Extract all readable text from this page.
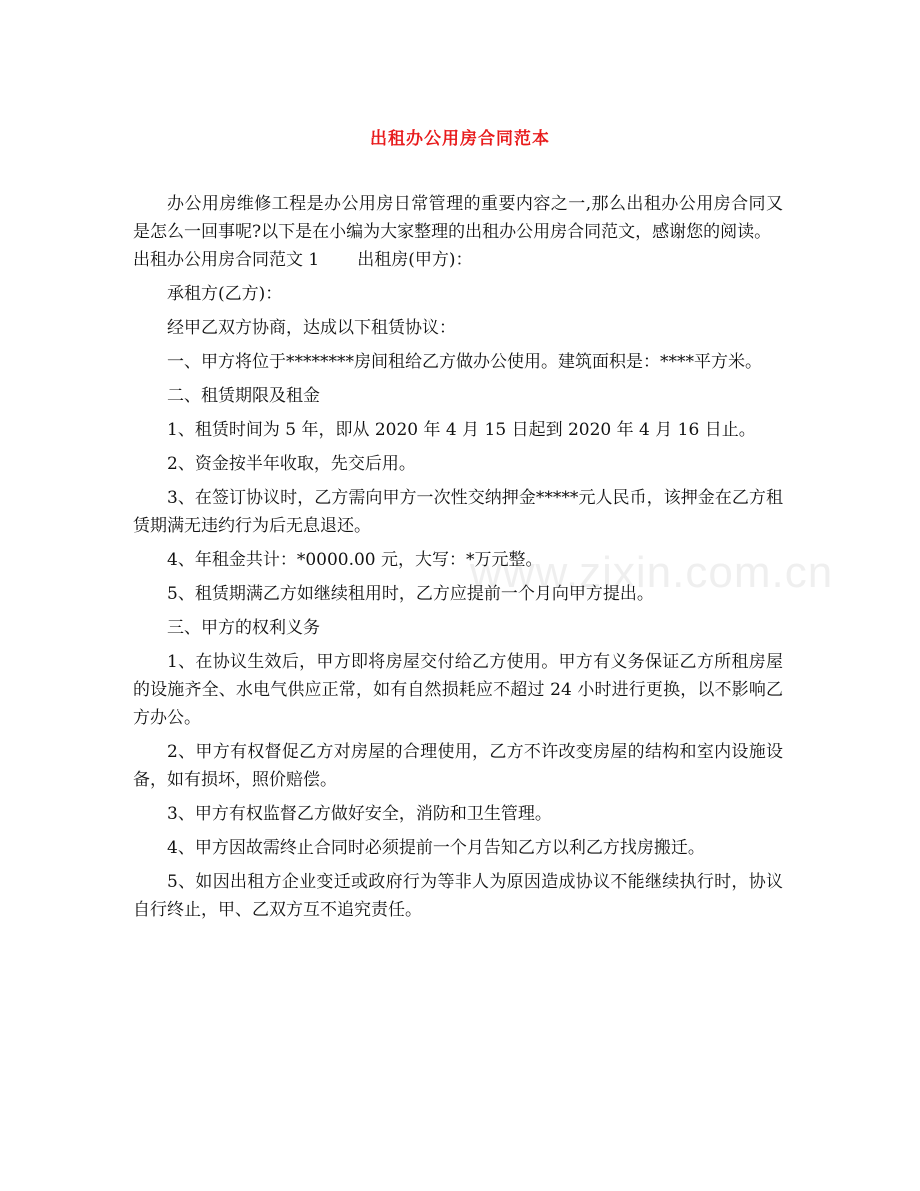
出租办公用房合同范本
www.zixin.com.cn

办公用房维修工程是办公用房日常管理的重要内容之一,那么出租办公用房合同又是怎么一回事呢?以下是在小编为大家整理的出租办公用房合同范文，感谢您的阅读。

出租办公用房合同范文 1 出租房(甲方)：

承租方(乙方)：

经甲乙双方协商，达成以下租赁协议：

一、甲方将位于********房间租给乙方做办公使用。建筑面积是：****平方米。

二、租赁期限及租金

1、租赁时间为 5 年，即从 2020 年 4 月 15 日起到 2020 年 4 月 16 日止。

2、资金按半年收取，先交后用。

3、在签订协议时，乙方需向甲方一次性交纳押金*****元人民币，该押金在乙方租赁期满无违约行为后无息退还。

4、年租金共计：*0000.00 元，大写：*万元整。

5、租赁期满乙方如继续租用时，乙方应提前一个月向甲方提出。

三、甲方的权利义务

1、在协议生效后，甲方即将房屋交付给乙方使用。甲方有义务保证乙方所租房屋的设施齐全、水电气供应正常，如有自然损耗应不超过 24 小时进行更换，以不影响乙方办公。

2、甲方有权督促乙方对房屋的合理使用，乙方不许改变房屋的结构和室内设施设备，如有损坏，照价赔偿。

3、甲方有权监督乙方做好安全，消防和卫生管理。

4、甲方因故需终止合同时必须提前一个月告知乙方以利乙方找房搬迁。

5、如因出租方企业变迁或政府行为等非人为原因造成协议不能继续执行时，协议自行终止，甲、乙双方互不追究责任。
